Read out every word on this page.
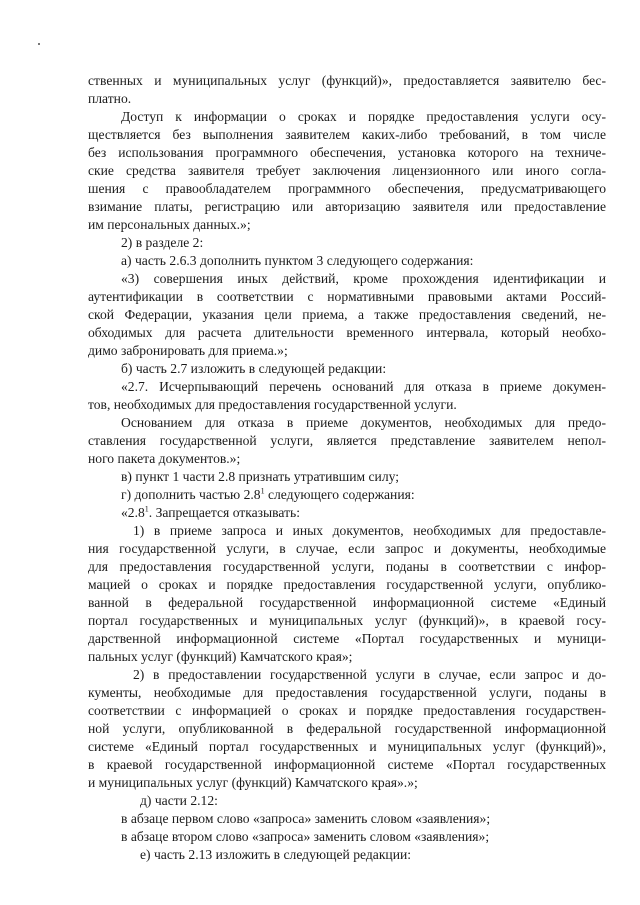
ственных и муниципальных услуг (функций)», предоставляется заявителю бес-
платно.
Доступ к информации о сроках и порядке предоставления услуги осу-
ществляется без выполнения заявителем каких-либо требований, в том числе
без использования программного обеспечения, установка которого на техниче-
ские средства заявителя требует заключения лицензионного или иного согла-
шения с правообладателем программного обеспечения, предусматривающего
взимание платы, регистрацию или авторизацию заявителя или предоставление
им персональных данных.»;
2) в разделе 2:
а) часть 2.6.3 дополнить пунктом 3 следующего содержания:
«3) совершения иных действий, кроме прохождения идентификации и
аутентификации в соответствии с нормативными правовыми актами Россий-
ской Федерации, указания цели приема, а также предоставления сведений, не-
обходимых для расчета длительности временного интервала, который необхо-
димо забронировать для приема.»;
б) часть 2.7 изложить в следующей редакции:
«2.7. Исчерпывающий перечень оснований для отказа в приеме докумен-
тов, необходимых для предоставления государственной услуги.
Основанием для отказа в приеме документов, необходимых для предо-
ставления государственной услуги, является представление заявителем непол-
ного пакета документов.»;
в) пункт 1 части 2.8 признать утратившим силу;
г) дополнить частью $2.8^1$ следующего содержания:
«$2.8^1$. Запрещается отказывать:
1) в приеме запроса и иных документов, необходимых для предоставле-
ния государственной услуги, в случае, если запрос и документы, необходимые
для предоставления государственной услуги, поданы в соответствии с инфор-
мацией о сроках и порядке предоставления государственной услуги, опублико-
ванной в федеральной государственной информационной системе «Единый
портал государственных и муниципальных услуг (функций)», в краевой госу-
дарственной информационной системе «Портал государственных и муници-
пальных услуг (функций) Камчатского края»;
2) в предоставлении государственной услуги в случае, если запрос и до-
кументы, необходимые для предоставления государственной услуги, поданы в
соответствии с информацией о сроках и порядке предоставления государствен-
ной услуги, опубликованной в федеральной государственной информационной
системе «Единый портал государственных и муниципальных услуг (функций)»,
в краевой государственной информационной системе «Портал государственных
и муниципальных услуг (функций) Камчатского края».»;
д) части 2.12:
в абзаце первом слово «запроса» заменить словом «заявления»;
в абзаце втором слово «запроса» заменить словом «заявления»;
е) часть 2.13 изложить в следующей редакции:
